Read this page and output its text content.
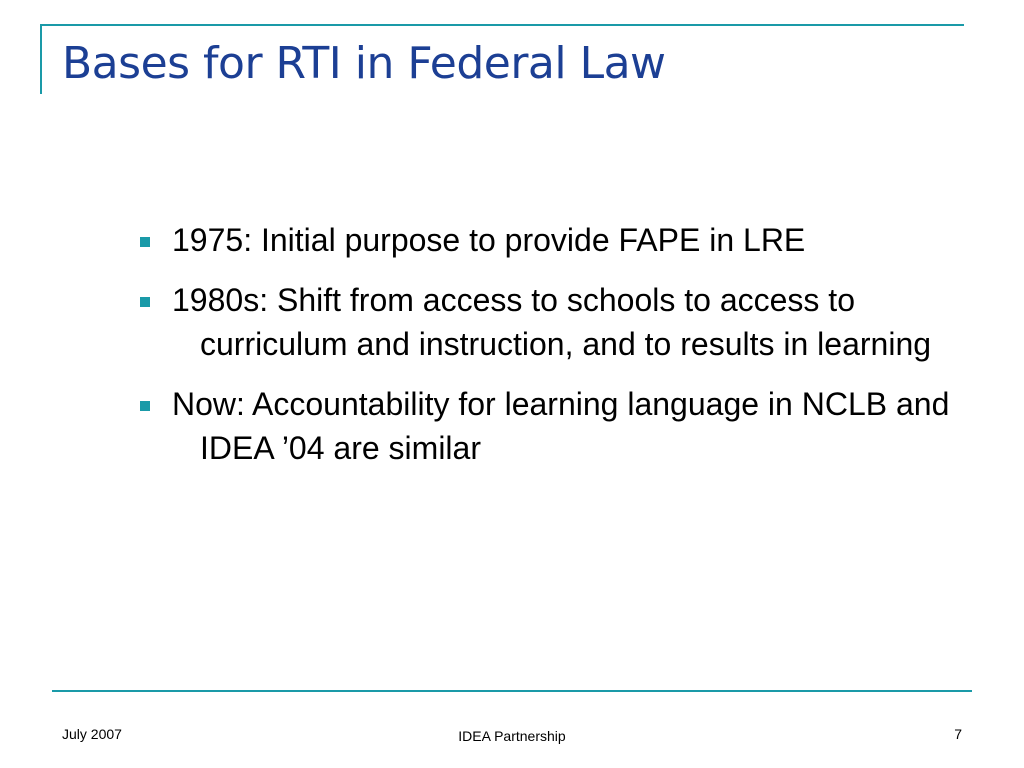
Bases for RTI in Federal Law
1975: Initial purpose to provide FAPE in LRE
1980s: Shift from access to schools to access to curriculum and instruction, and to results in learning
Now: Accountability for learning language in NCLB and IDEA ’04 are similar
July 2007	IDEA Partnership	7
